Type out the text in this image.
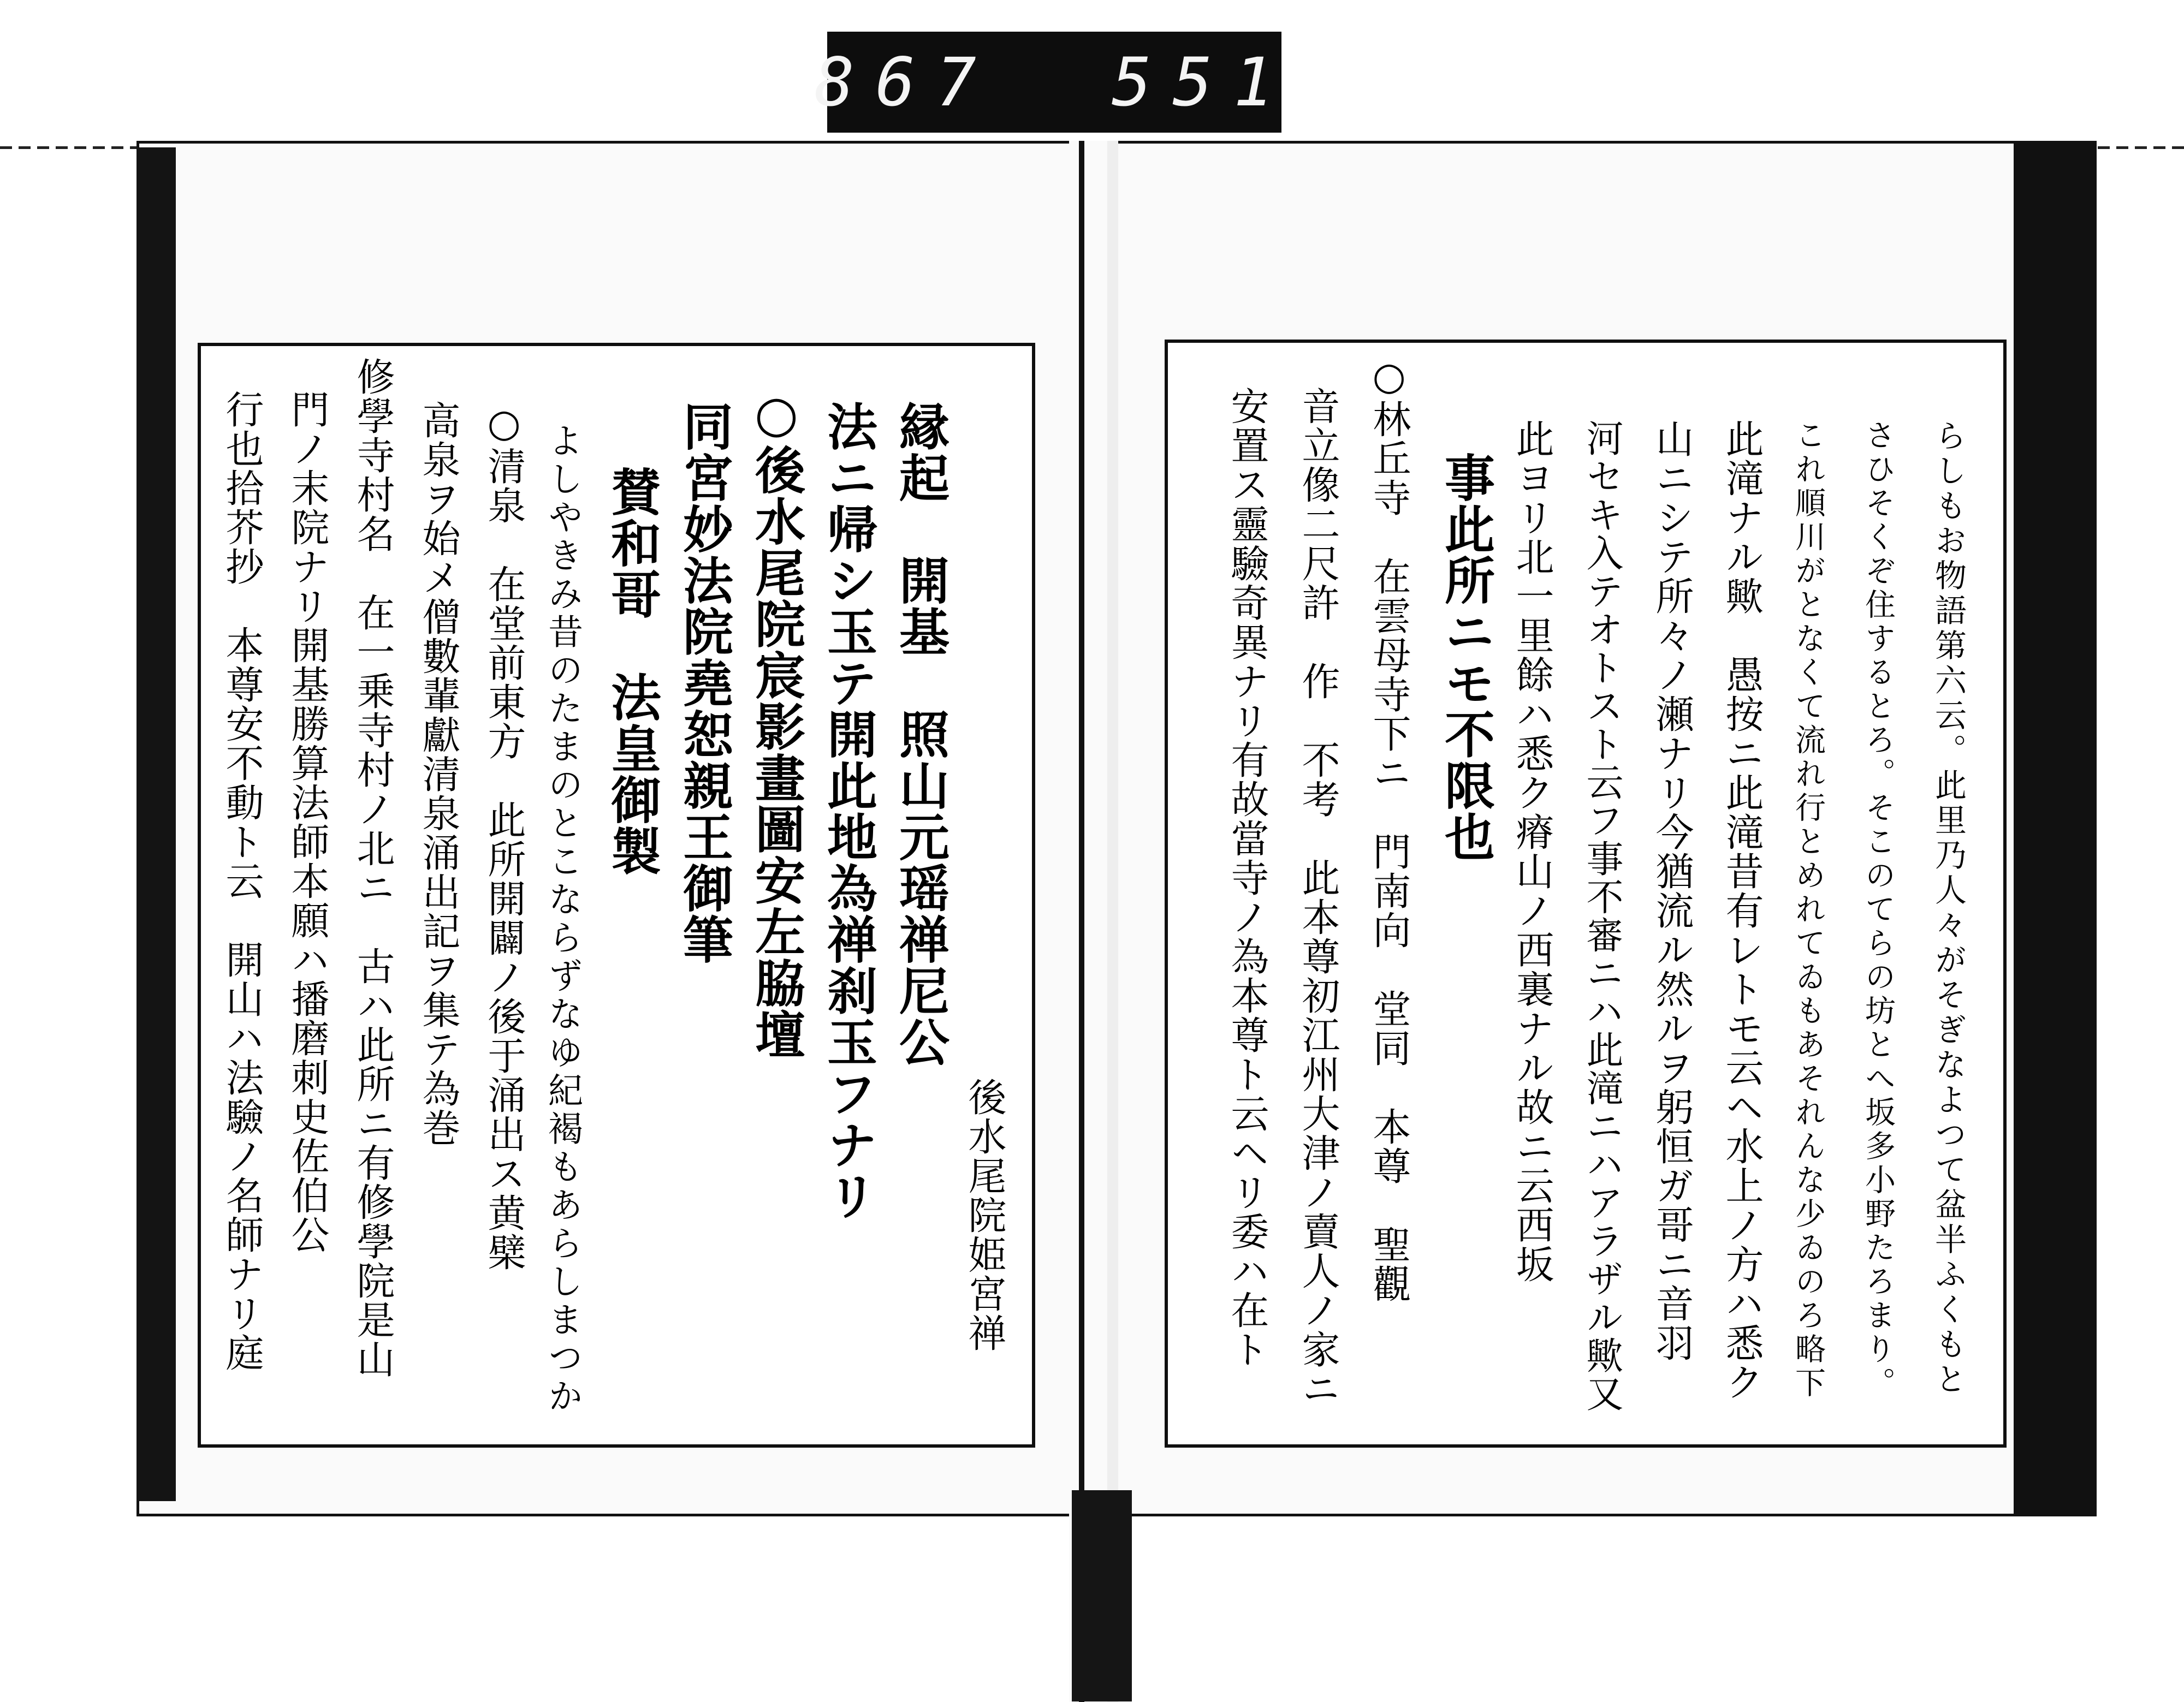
867 551
後水尾院姫宮禅
縁起　開基　照山元瑶禅尼公
法ニ帰シ玉テ開此地為禅刹玉フナリ
○後水尾院宸影畫圖安左脇壇
同宮妙法院堯恕親王御筆
賛和哥　法皇御製
よしやきみ昔のたまのとこならずなゆ紀褐もあらしまつか
○清泉　在堂前東方　此所開闢ノ後于涌出ス黄檗
高泉ヲ始メ僧數輩獻清泉涌出記ヲ集テ為巻
修學寺村名　在一乗寺村ノ北ニ　古ハ此所ニ有修學院是山
門ノ末院ナリ開基勝算法師本願ハ播磨刺史佐伯公
行也拾芥抄　本尊安不動ト云　開山ハ法驗ノ名師ナリ庭	らしもお物語第六云。此里乃人々がそぎなよつて盆半ふくもと
さひそくぞ住するとろ。そこのてらの坊とへ坂多小野たろまり。
これ順川がとなくて流れ行とめれてゐもあそれんな少ゐのろ略下
此滝ナル歟　愚按ニ此滝昔有レトモ云ヘ水上ノ方ハ悉ク
山ニシテ所々ノ瀬ナリ今猶流ル然ルヲ躬恒ガ哥ニ音羽
河セキ入テオトスト云フ事不審ニハ此滝ニハアラザル歟又
此ヨリ北一里餘ハ悉ク瘠山ノ西裏ナル故ニ云西坂
事此所ニモ不限也
○林丘寺　在雲母寺下ニ　門南向　堂同　本尊　聖觀
音立像二尺許　作　不考　此本尊初江州大津ノ賣人ノ家ニ
安置ス靈驗奇異ナリ有故當寺ノ為本尊ト云ヘリ委ハ在ト
